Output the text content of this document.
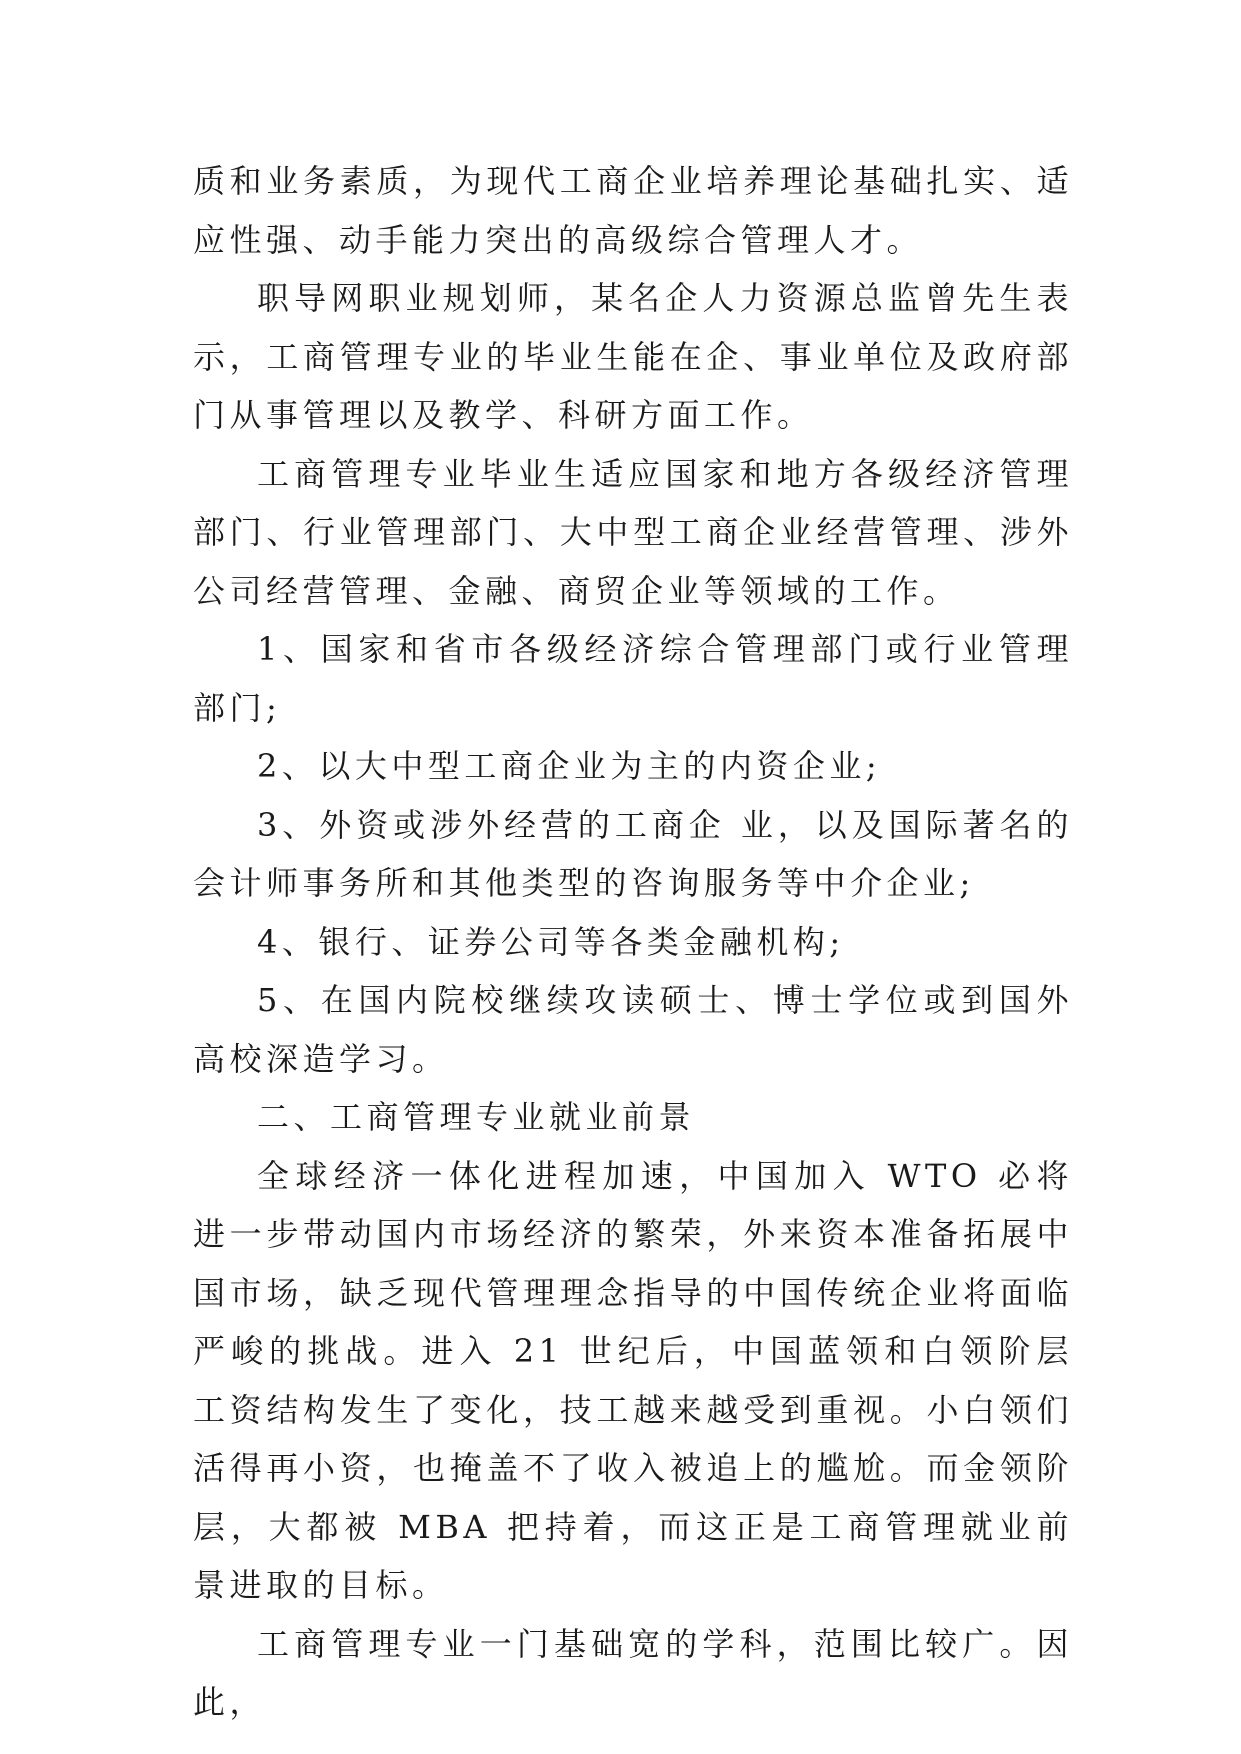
质和业务素质，为现代工商企业培养理论基础扎实、适应性强、动手能力突出的高级综合管理人才。

职导网职业规划师，某名企人力资源总监曾先生表示，工商管理专业的毕业生能在企、事业单位及政府部门从事管理以及教学、科研方面工作。

工商管理专业毕业生适应国家和地方各级经济管理部门、行业管理部门、大中型工商企业经营管理、涉外公司经营管理、金融、商贸企业等领域的工作。

1、国家和省市各级经济综合管理部门或行业管理部门;

2、以大中型工商企业为主的内资企业;

3、外资或涉外经营的工商企 业，以及国际著名的会计师事务所和其他类型的咨询服务等中介企业;

4、银行、证券公司等各类金融机构;

5、在国内院校继续攻读硕士、博士学位或到国外高校深造学习。

二、工商管理专业就业前景

全球经济一体化进程加速，中国加入 WTO 必将进一步带动国内市场经济的繁荣，外来资本准备拓展中国市场，缺乏现代管理理念指导的中国传统企业将面临严峻的挑战。进入 21 世纪后，中国蓝领和白领阶层工资结构发生了变化，技工越来越受到重视。小白领们活得再小资，也掩盖不了收入被追上的尴尬。而金领阶层，大都被 MBA 把持着，而这正是工商管理就业前景进取的目标。

工商管理专业一门基础宽的学科，范围比较广。因此，
